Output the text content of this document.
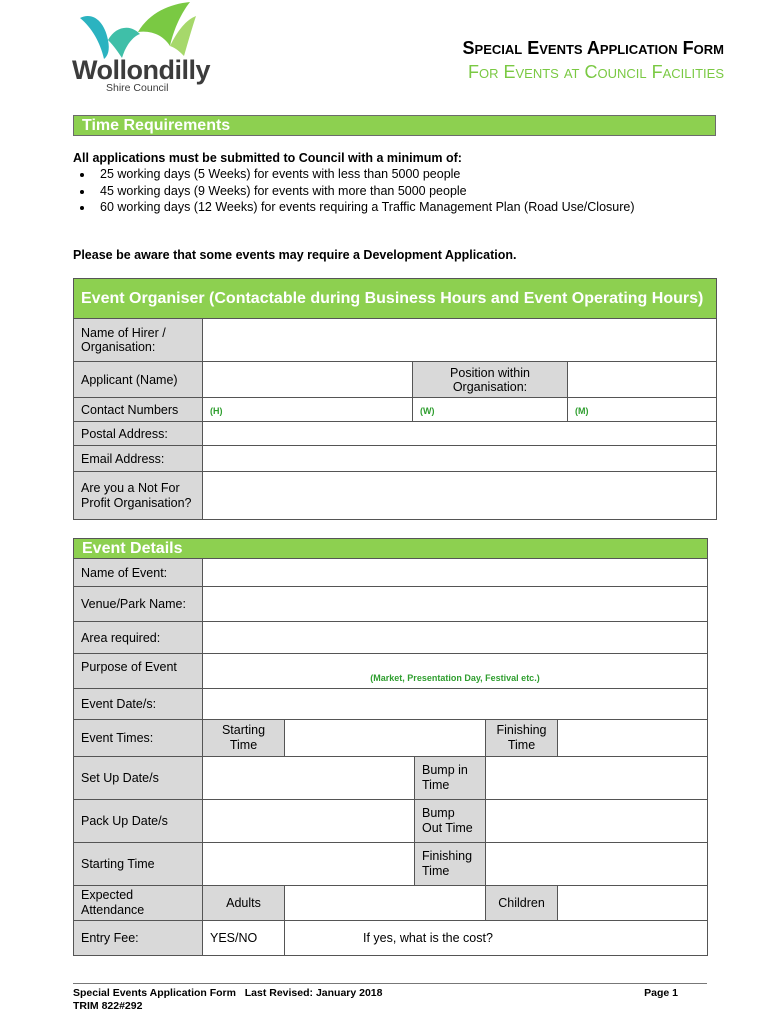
Wollondilly
Shire Council
Special Events Application Form
For Events at Council Facilities
Time Requirements
All applications must be submitted to Council with a minimum of:
• 25 working days (5 Weeks) for events with less than 5000 people
• 45 working days (9 Weeks) for events with more than 5000 people
• 60 working days (12 Weeks) for events requiring a Traffic Management Plan (Road Use/Closure)
Please be aware that some events may require a Development Application.
Event Organiser (Contactable during Business Hours and Event Operating Hours)			
Name of Hirer / Organisation:			
Applicant (Name)		Position within Organisation:	
Contact Numbers	(H)	(W)	(M)
Postal Address:			
Email Address:			
Are you a Not For Profit Organisation?			
Event Details					
Name of Event:					
Venue/Park Name:					
Area required:					
Purpose of Event	(Market, Presentation Day, Festival etc.)				

Event Date/s:					
Event Times:	Starting Time			Finishing Time	
Set Up Date/s			Bump in Time		
Pack Up Date/s			Bump Out Time		
Starting Time			Finishing Time		
Expected Attendance	Adults			Children	
Entry Fee:	YES/NO	If yes, what is the cost?			
Special Events Application Form Last Revised: January 2018
TRIM 822#292
Page 1
